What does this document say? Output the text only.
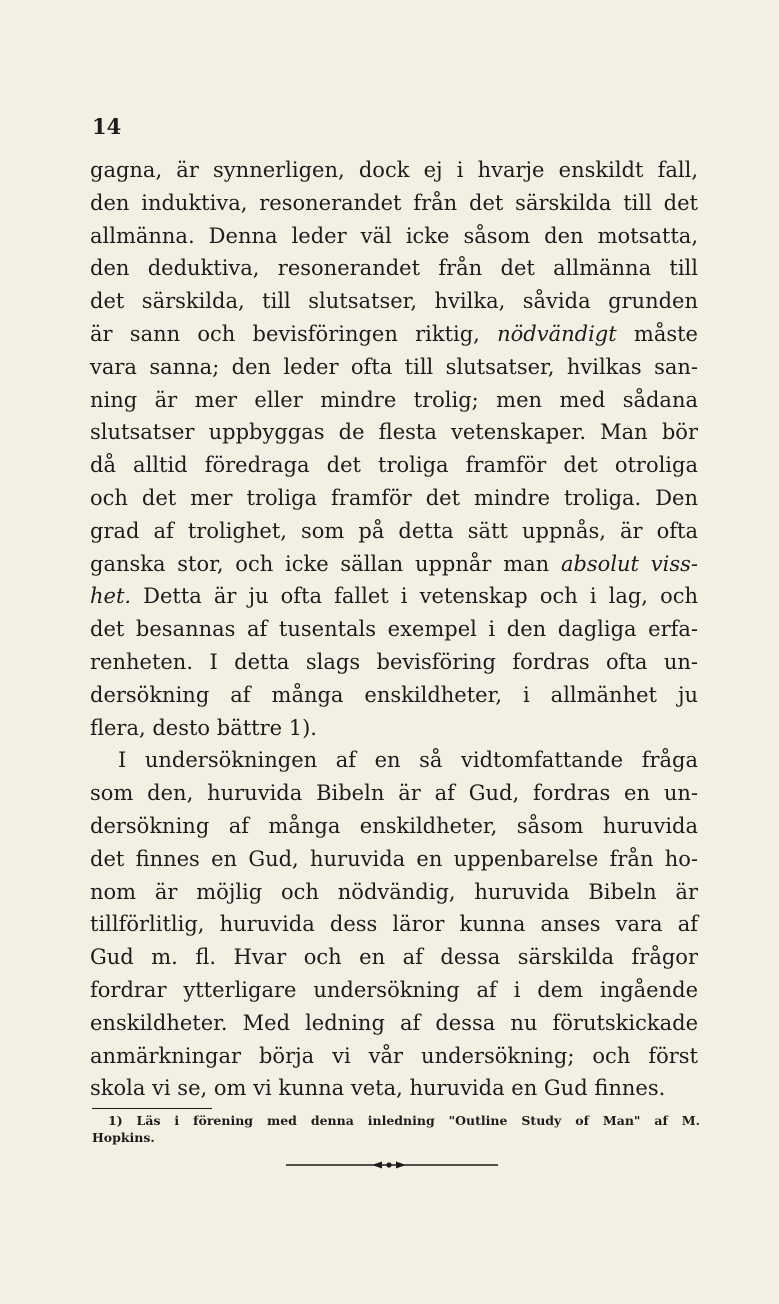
14
gagna, är synnerligen, dock ej i hvarje enskildt fall,
den induktiva, resonerandet från det särskilda till det
allmänna. Denna leder väl icke såsom den motsatta,
den deduktiva, resonerandet från det allmänna till
det särskilda, till slutsatser, hvilka, såvida grunden
är sann och bevisföringen riktig, nödvändigt måste
vara sanna; den leder ofta till slutsatser, hvilkas san-
ning är mer eller mindre trolig; men med sådana
slutsatser uppbyggas de flesta vetenskaper. Man bör
då alltid föredraga det troliga framför det otroliga
och det mer troliga framför det mindre troliga. Den
grad af trolighet, som på detta sätt uppnås, är ofta
ganska stor, och icke sällan uppnår man absolut viss-
het. Detta är ju ofta fallet i vetenskap och i lag, och
det besannas af tusentals exempel i den dagliga erfa-
renheten. I detta slags bevisföring fordras ofta un-
dersökning af många enskildheter, i allmänhet ju
flera, desto bättre 1).
I undersökningen af en så vidtomfattande fråga
som den, huruvida Bibeln är af Gud, fordras en un-
dersökning af många enskildheter, såsom huruvida
det finnes en Gud, huruvida en uppenbarelse från ho-
nom är möjlig och nödvändig, huruvida Bibeln är
tillförlitlig, huruvida dess läror kunna anses vara af
Gud m. fl. Hvar och en af dessa särskilda frågor
fordrar ytterligare undersökning af i dem ingående
enskildheter. Med ledning af dessa nu förutskickade
anmärkningar börja vi vår undersökning; och först
skola vi se, om vi kunna veta, huruvida en Gud finnes.
1) Läs i förening med denna inledning "Outline Study of Man" af M.
Hopkins.
